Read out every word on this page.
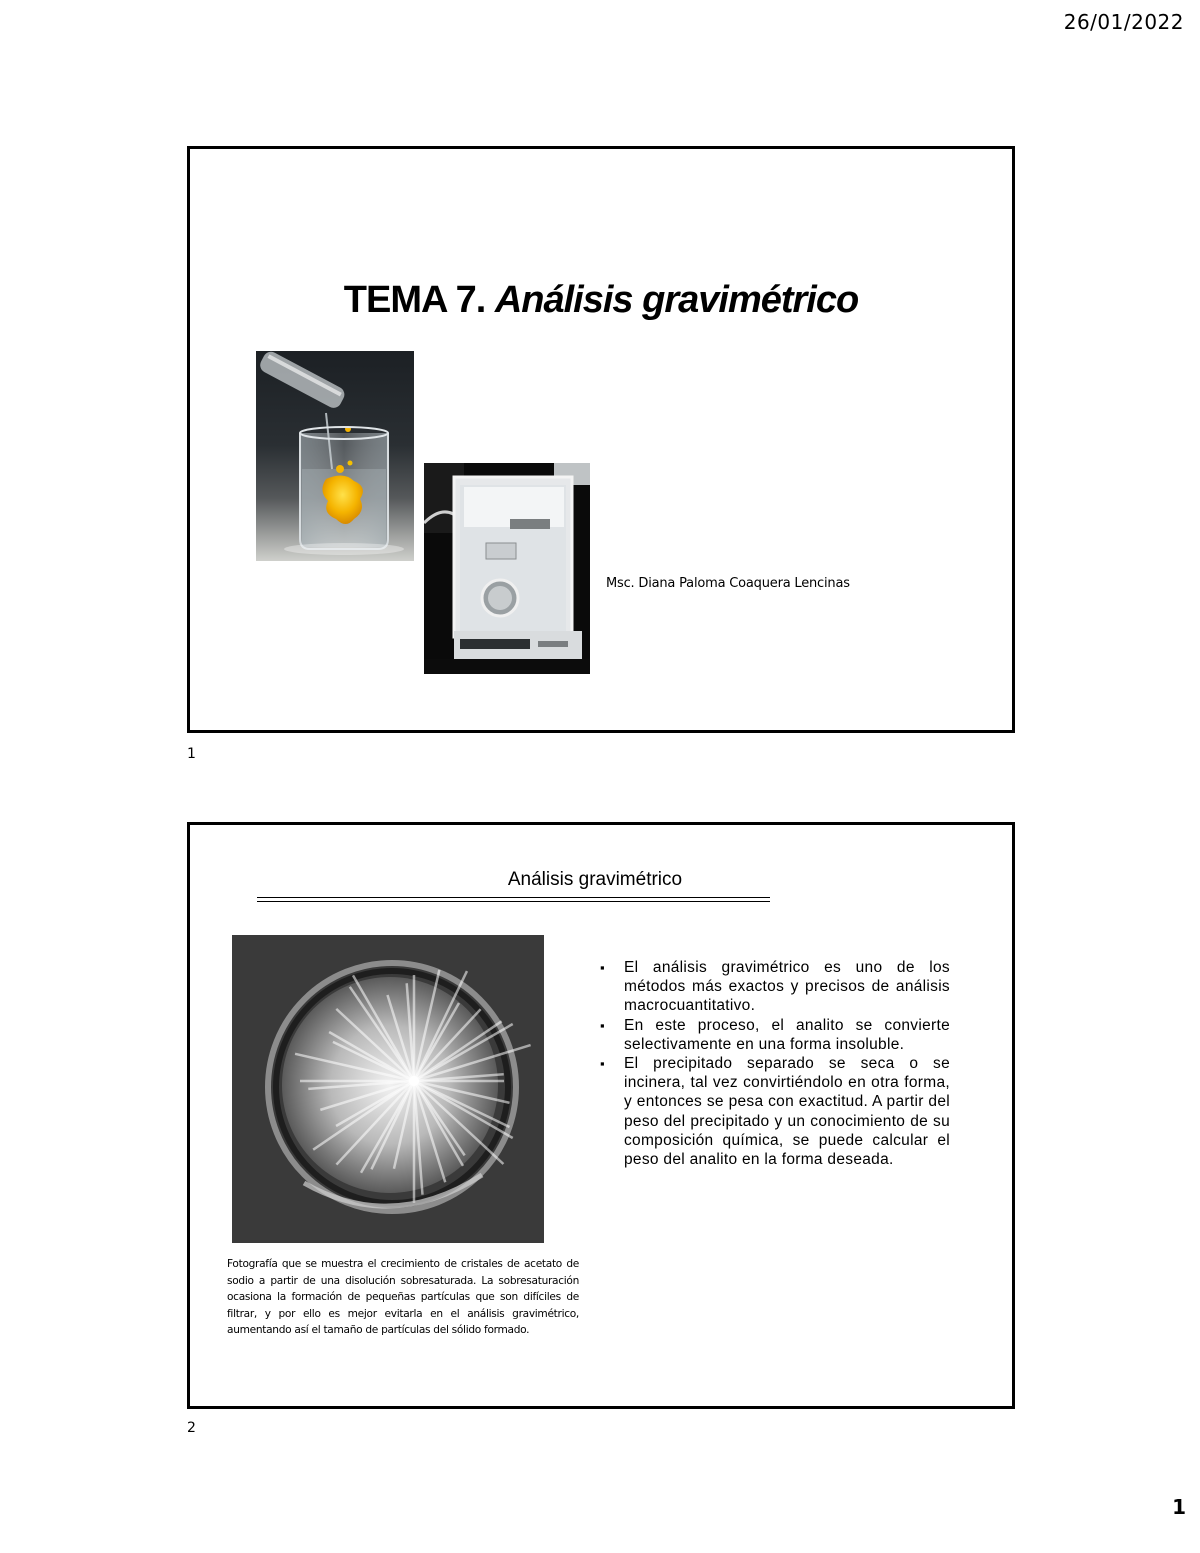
26/01/2022
TEMA 7. Análisis gravimétrico
Msc. Diana Paloma Coaquera Lencinas
1
Análisis gravimétrico
Fotografía que se muestra el crecimiento de cristales de acetato de sodio a partir de una disolución sobresaturada. La sobresaturación ocasiona la formación de pequeñas partículas que son difíciles de filtrar, y por ello es mejor evitarla en el análisis gravimétrico, aumentando así el tamaño de partículas del sólido formado.
▪ El análisis gravimétrico es uno de los métodos más exactos y precisos de análisis macrocuantitativo.
▪ En este proceso, el analito se convierte selectivamente en una forma insoluble.
▪ El precipitado separado se seca o se incinera, tal vez convirtiéndolo en otra forma, y entonces se pesa con exactitud. A partir del peso del precipitado y un conocimiento de su composición química, se puede calcular el peso del analito en la forma deseada.
2
1
